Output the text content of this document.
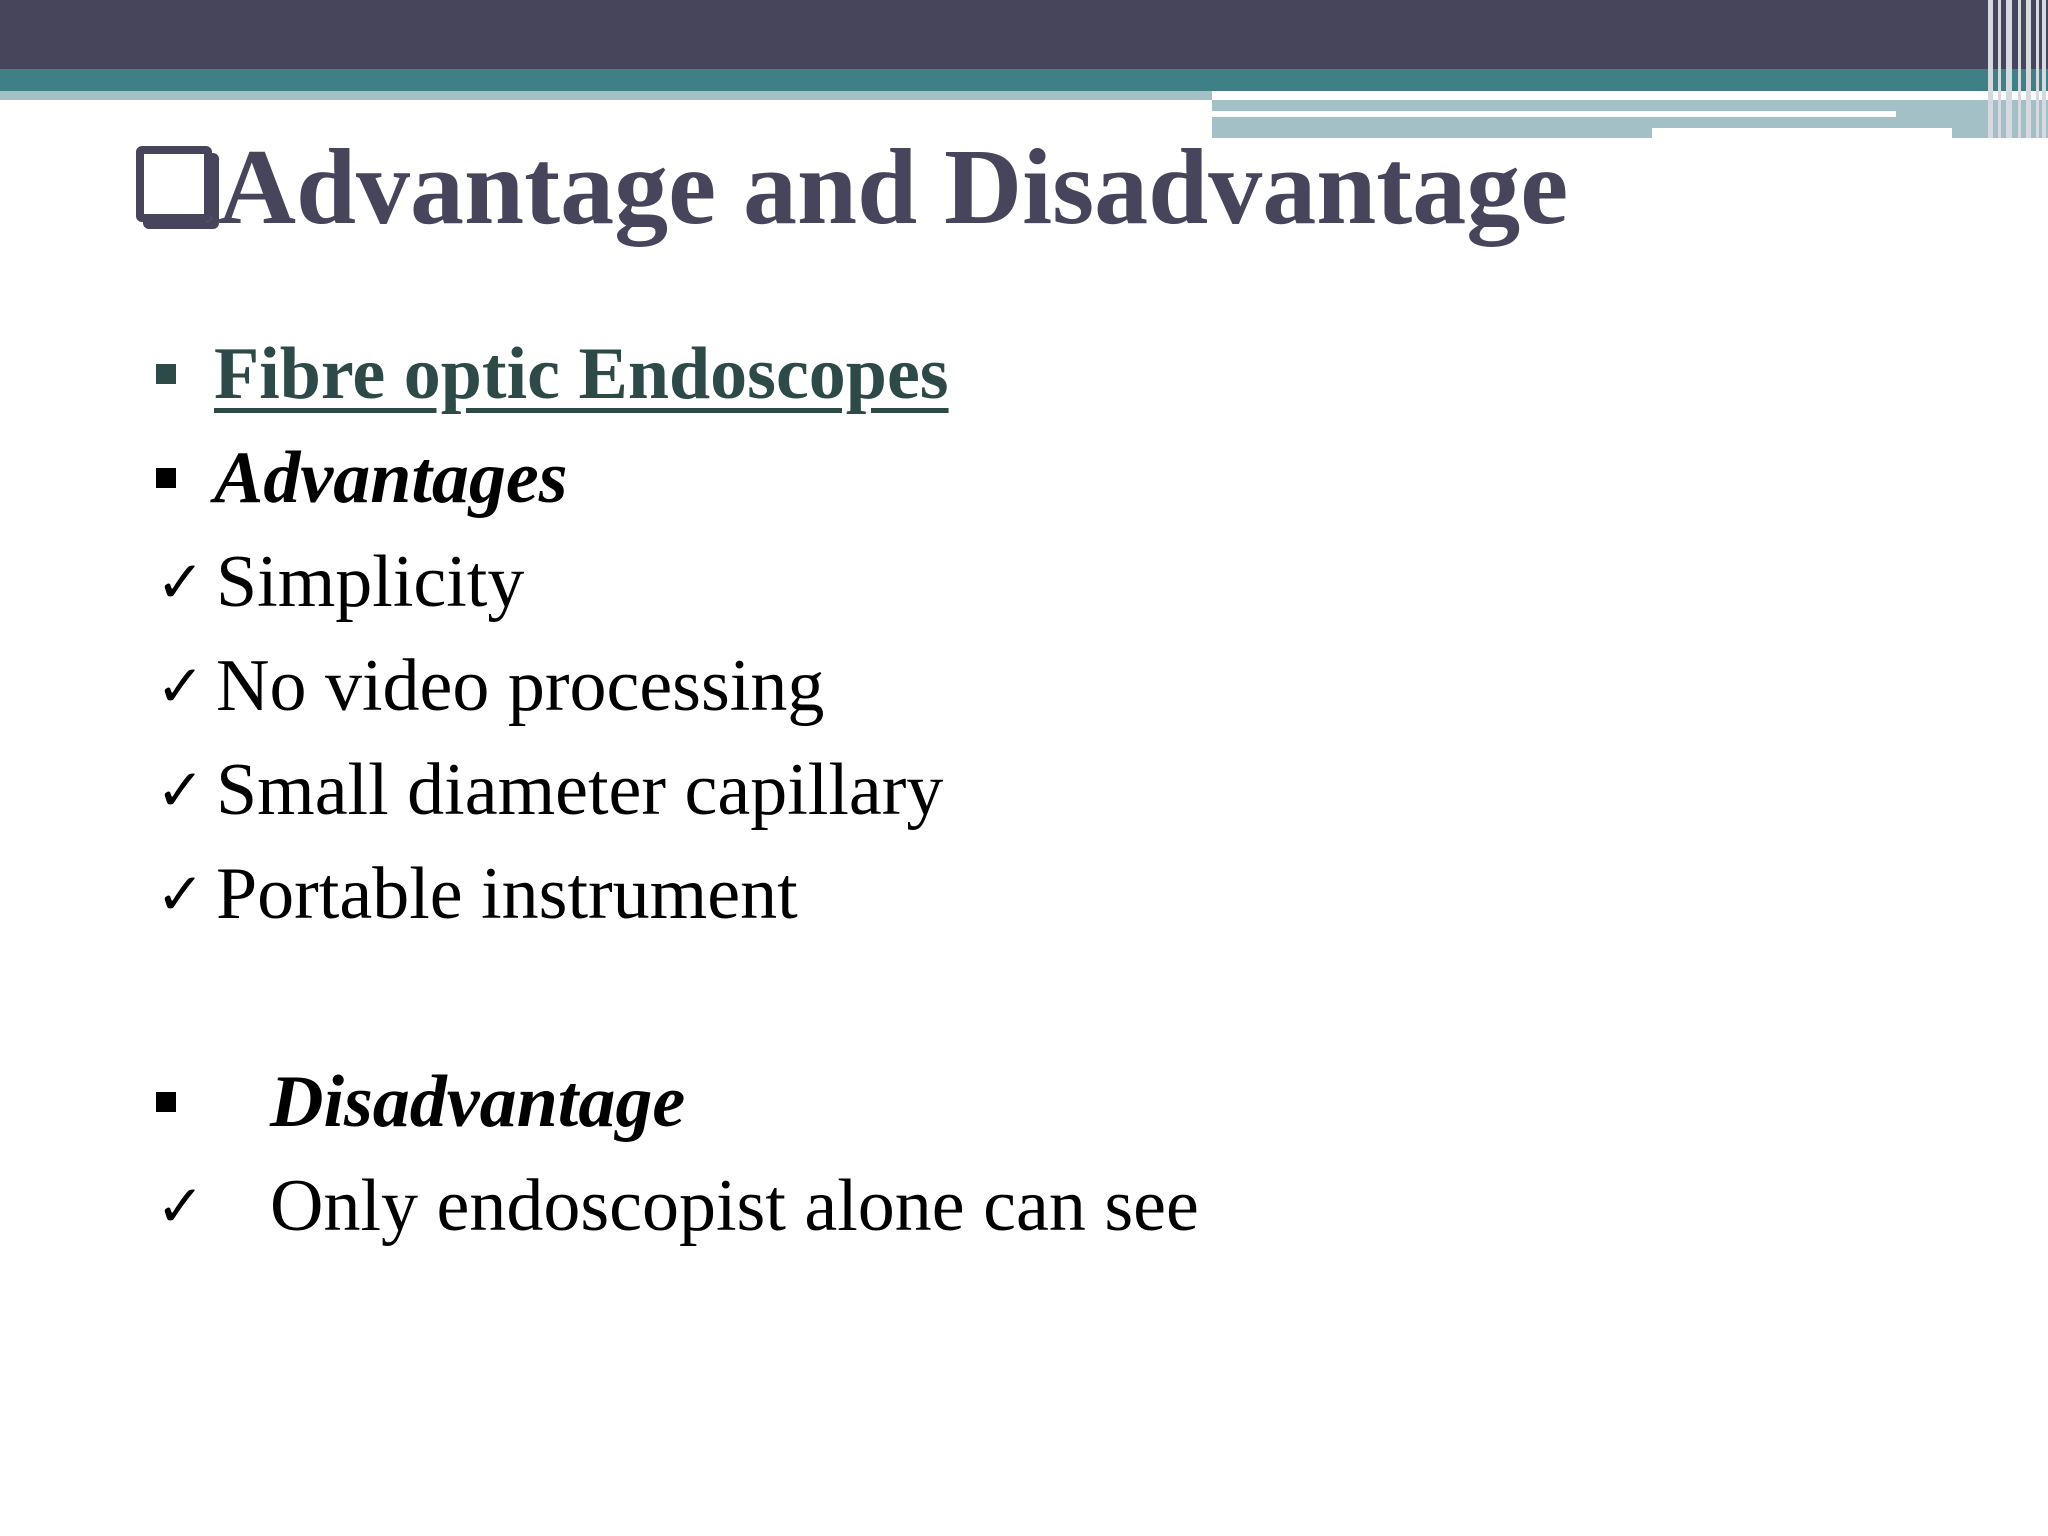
Advantage and Disadvantage
Fibre optic Endoscopes
Advantages
✓ Simplicity
✓ No video processing
✓ Small diameter capillary
✓ Portable instrument
Disadvantage
✓ Only endoscopist alone can see
